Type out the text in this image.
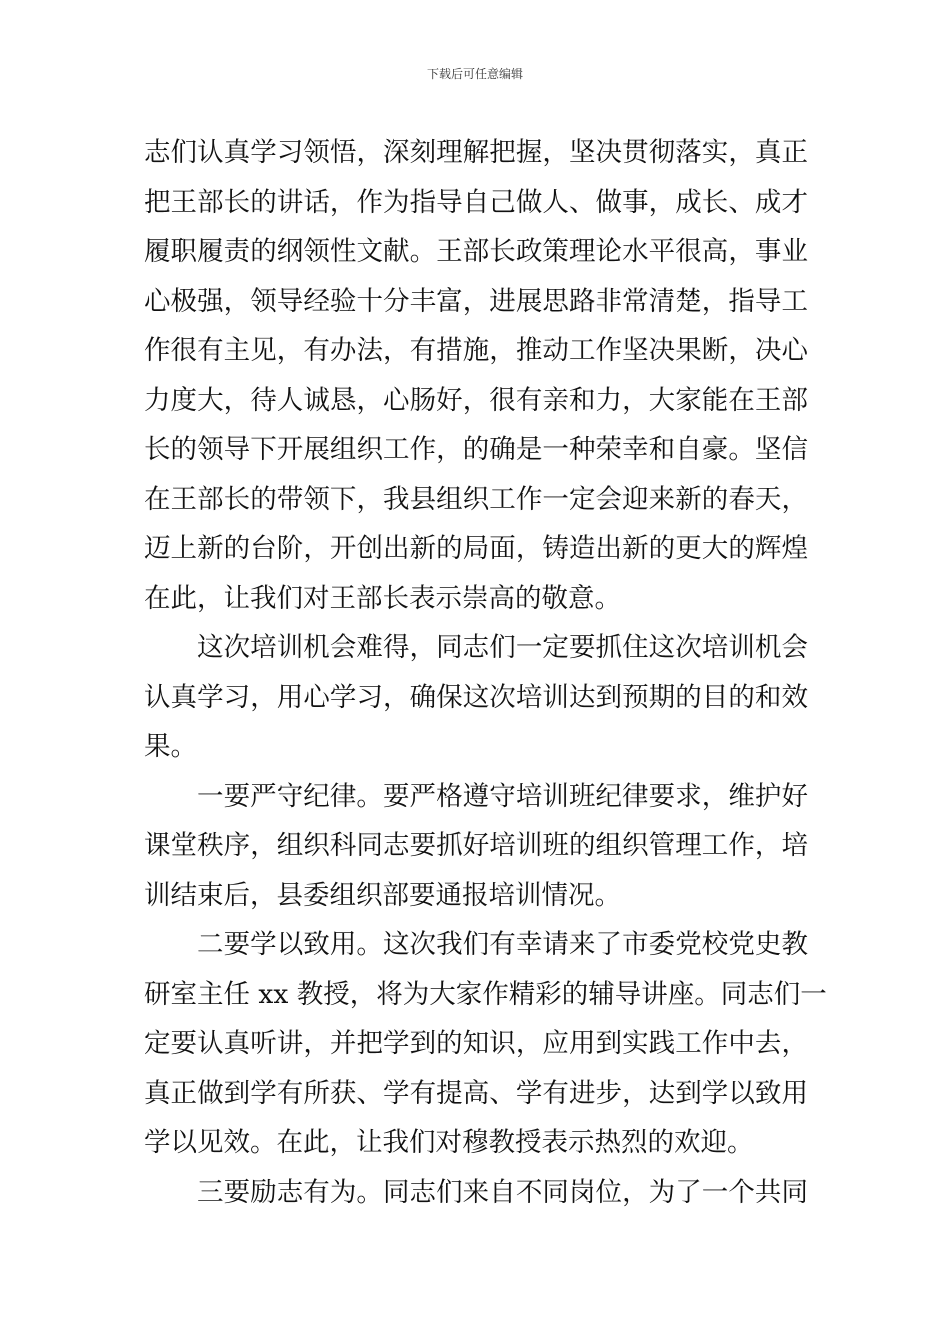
下载后可任意编辑
志们认真学习领悟，深刻理解把握，坚决贯彻落实，真正
把王部长的讲话，作为指导自己做人、做事，成长、成才
履职履责的纲领性文献。王部长政策理论水平很高，事业
心极强，领导经验十分丰富，进展思路非常清楚，指导工
作很有主见，有办法，有措施，推动工作坚决果断，决心
力度大，待人诚恳，心肠好，很有亲和力，大家能在王部
长的领导下开展组织工作，的确是一种荣幸和自豪。坚信
在王部长的带领下，我县组织工作一定会迎来新的春天，
迈上新的台阶，开创出新的局面，铸造出新的更大的辉煌
在此，让我们对王部长表示崇高的敬意。
这次培训机会难得，同志们一定要抓住这次培训机会
认真学习，用心学习，确保这次培训达到预期的目的和效
果。
一要严守纪律。要严格遵守培训班纪律要求，维护好
课堂秩序，组织科同志要抓好培训班的组织管理工作，培
训结束后，县委组织部要通报培训情况。
二要学以致用。这次我们有幸请来了市委党校党史教
研室主任 xx 教授，将为大家作精彩的辅导讲座。同志们一
定要认真听讲，并把学到的知识，应用到实践工作中去，
真正做到学有所获、学有提高、学有进步，达到学以致用
学以见效。在此，让我们对穆教授表示热烈的欢迎。
三要励志有为。同志们来自不同岗位，为了一个共同
